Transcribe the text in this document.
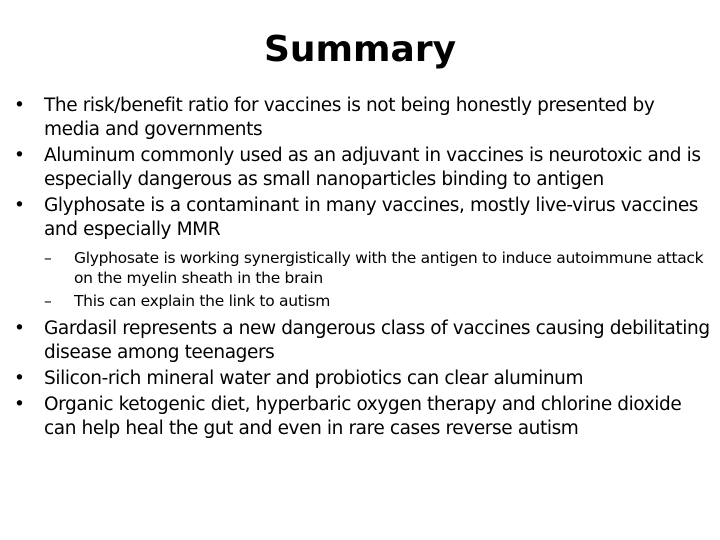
Summary
• The risk/benefit ratio for vaccines is not being honestly presented by media and governments
• Aluminum commonly used as an adjuvant in vaccines is neurotoxic and is especially dangerous as small nanoparticles binding to antigen
• Glyphosate is a contaminant in many vaccines, mostly live-virus vaccines and especially MMR
– Glyphosate is working synergistically with the antigen to induce autoimmune attack on the myelin sheath in the brain
– This can explain the link to autism
• Gardasil represents a new dangerous class of vaccines causing debilitating disease among teenagers
• Silicon-rich mineral water and probiotics can clear aluminum
• Organic ketogenic diet, hyperbaric oxygen therapy and chlorine dioxide can help heal the gut and even in rare cases reverse autism
